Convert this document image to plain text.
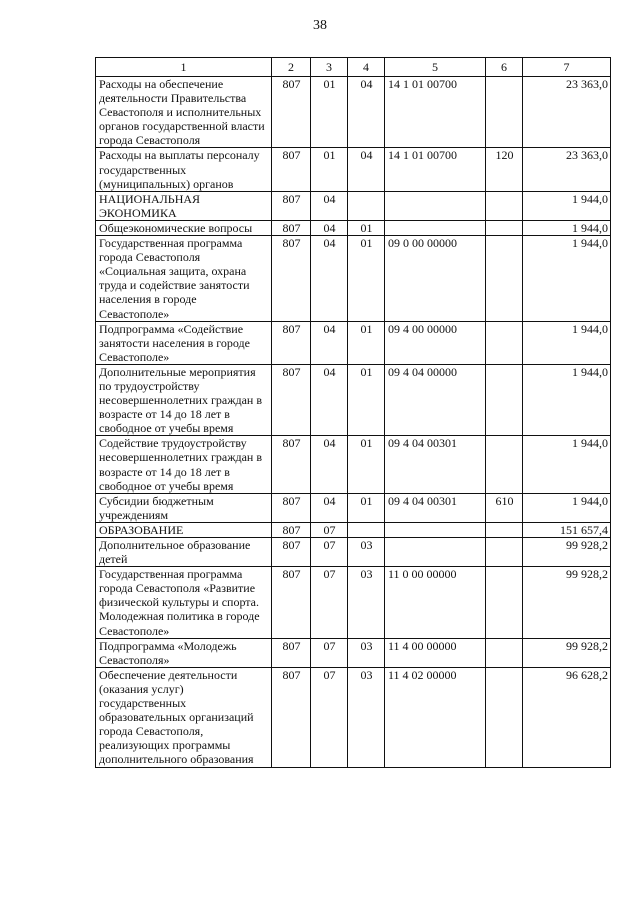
38
1	2	3	4	5	6	7
Расходы на обеспечение деятельности Правительства Севастополя и исполнительных органов государственной власти города Севастополя	807	01	04	14 1 01 00700		23 363,0
Расходы на выплаты персоналу государственных (муниципальных) органов	807	01	04	14 1 01 00700	120	23 363,0
НАЦИОНАЛЬНАЯ ЭКОНОМИКА	807	04				1 944,0
Общеэкономические вопросы	807	04	01			1 944,0
Государственная программа города Севастополя «Социальная защита, охрана труда и содействие занятости населения в городе Севастополе»	807	04	01	09 0 00 00000		1 944,0
Подпрограмма «Содействие занятости населения в городе Севастополе»	807	04	01	09 4 00 00000		1 944,0
Дополнительные мероприятия по трудоустройству несовершеннолетних граждан в возрасте от 14 до 18 лет в свободное от учебы время	807	04	01	09 4 04 00000		1 944,0
Содействие трудоустройству несовершеннолетних граждан в возрасте от 14 до 18 лет в свободное от учебы время	807	04	01	09 4 04 00301		1 944,0
Субсидии бюджетным учреждениям	807	04	01	09 4 04 00301	610	1 944,0
ОБРАЗОВАНИЕ	807	07				151 657,4
Дополнительное образование детей	807	07	03			99 928,2
Государственная программа города Севастополя «Развитие физической культуры и спорта. Молодежная политика в городе Севастополе»	807	07	03	11 0 00 00000		99 928,2
Подпрограмма «Молодежь Севастополя»	807	07	03	11 4 00 00000		99 928,2
Обеспечение деятельности (оказания услуг) государственных образовательных организаций города Севастополя, реализующих программы дополнительного образования	807	07	03	11 4 02 00000		96 628,2
